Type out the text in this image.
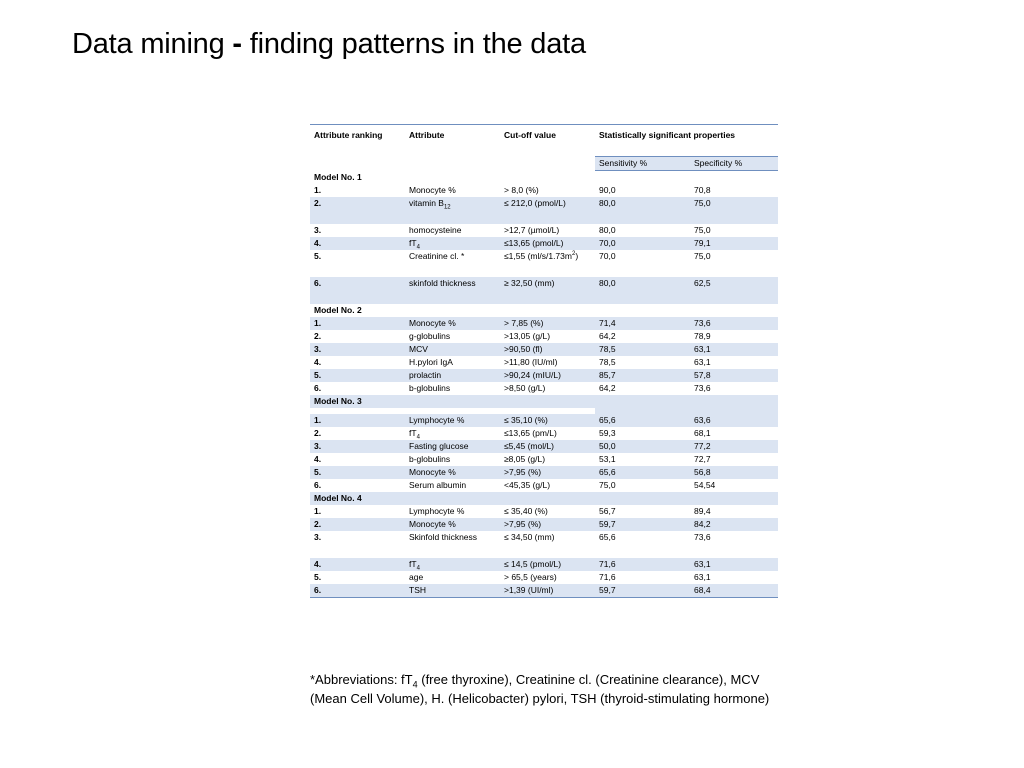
Data mining - finding patterns in the data
Attribute ranking	Attribute	Cut-off value	Statistically significant properties	
			Sensitivity %	Specificity %
Model No. 1				
1.	Monocyte %	> 8,0 (%)	90,0	70,8
2.	vitamin $B_{12}$	≤ 212,0 (pmol/L)	80,0	75,0
3.	homocysteine	>12,7 (µmol/L)	80,0	75,0
4.	$fT_4$	≤13,65 (pmol/L)	70,0	79,1
5.	Creatinine cl. *	≤1,55 $(ml/s/1.73m^2)$	70,0	75,0
6.	skinfold thickness	≥ 32,50 (mm)	80,0	62,5
Model No. 2				
1.	Monocyte %	> 7,85 (%)	71,4	73,6
2.	g-globulins	>13,05 (g/L)	64,2	78,9
3.	MCV	>90,50 (fl)	78,5	63,1
4.	H.pylori IgA	>11,80 (IU/ml)	78,5	63,1
5.	prolactin	>90,24 (mIU/L)	85,7	57,8
6.	b-globulins	>8,50 (g/L)	64,2	73,6
Model No. 3				

1.	Lymphocyte %	≤ 35,10 (%)	65,6	63,6
2.	$fT_4$	≤13,65 (pm/L)	59,3	68,1
3.	Fasting glucose	≤5,45 (mol/L)	50,0	77,2
4.	b-globulins	≥8,05 (g/L)	53,1	72,7
5.	Monocyte %	>7,95 (%)	65,6	56,8
6.	Serum albumin	<45,35 (g/L)	75,0	54,54
Model No. 4				
1.	Lymphocyte %	≤ 35,40 (%)	56,7	89,4
2.	Monocyte %	>7,95 (%)	59,7	84,2
3.	Skinfold thickness	≤ 34,50 (mm)	65,6	73,6
4.	$fT_4$	≤ 14,5 (pmol/L)	71,6	63,1
5.	age	> 65,5 (years)	71,6	63,1
6.	TSH	>1,39 (UI/ml)	59,7	68,4
*Abbreviations: $fT_4$ (free thyroxine), Creatinine cl. (Creatinine clearance), MCV
(Mean Cell Volume), H. (Helicobacter) pylori, TSH (thyroid-stimulating hormone)
